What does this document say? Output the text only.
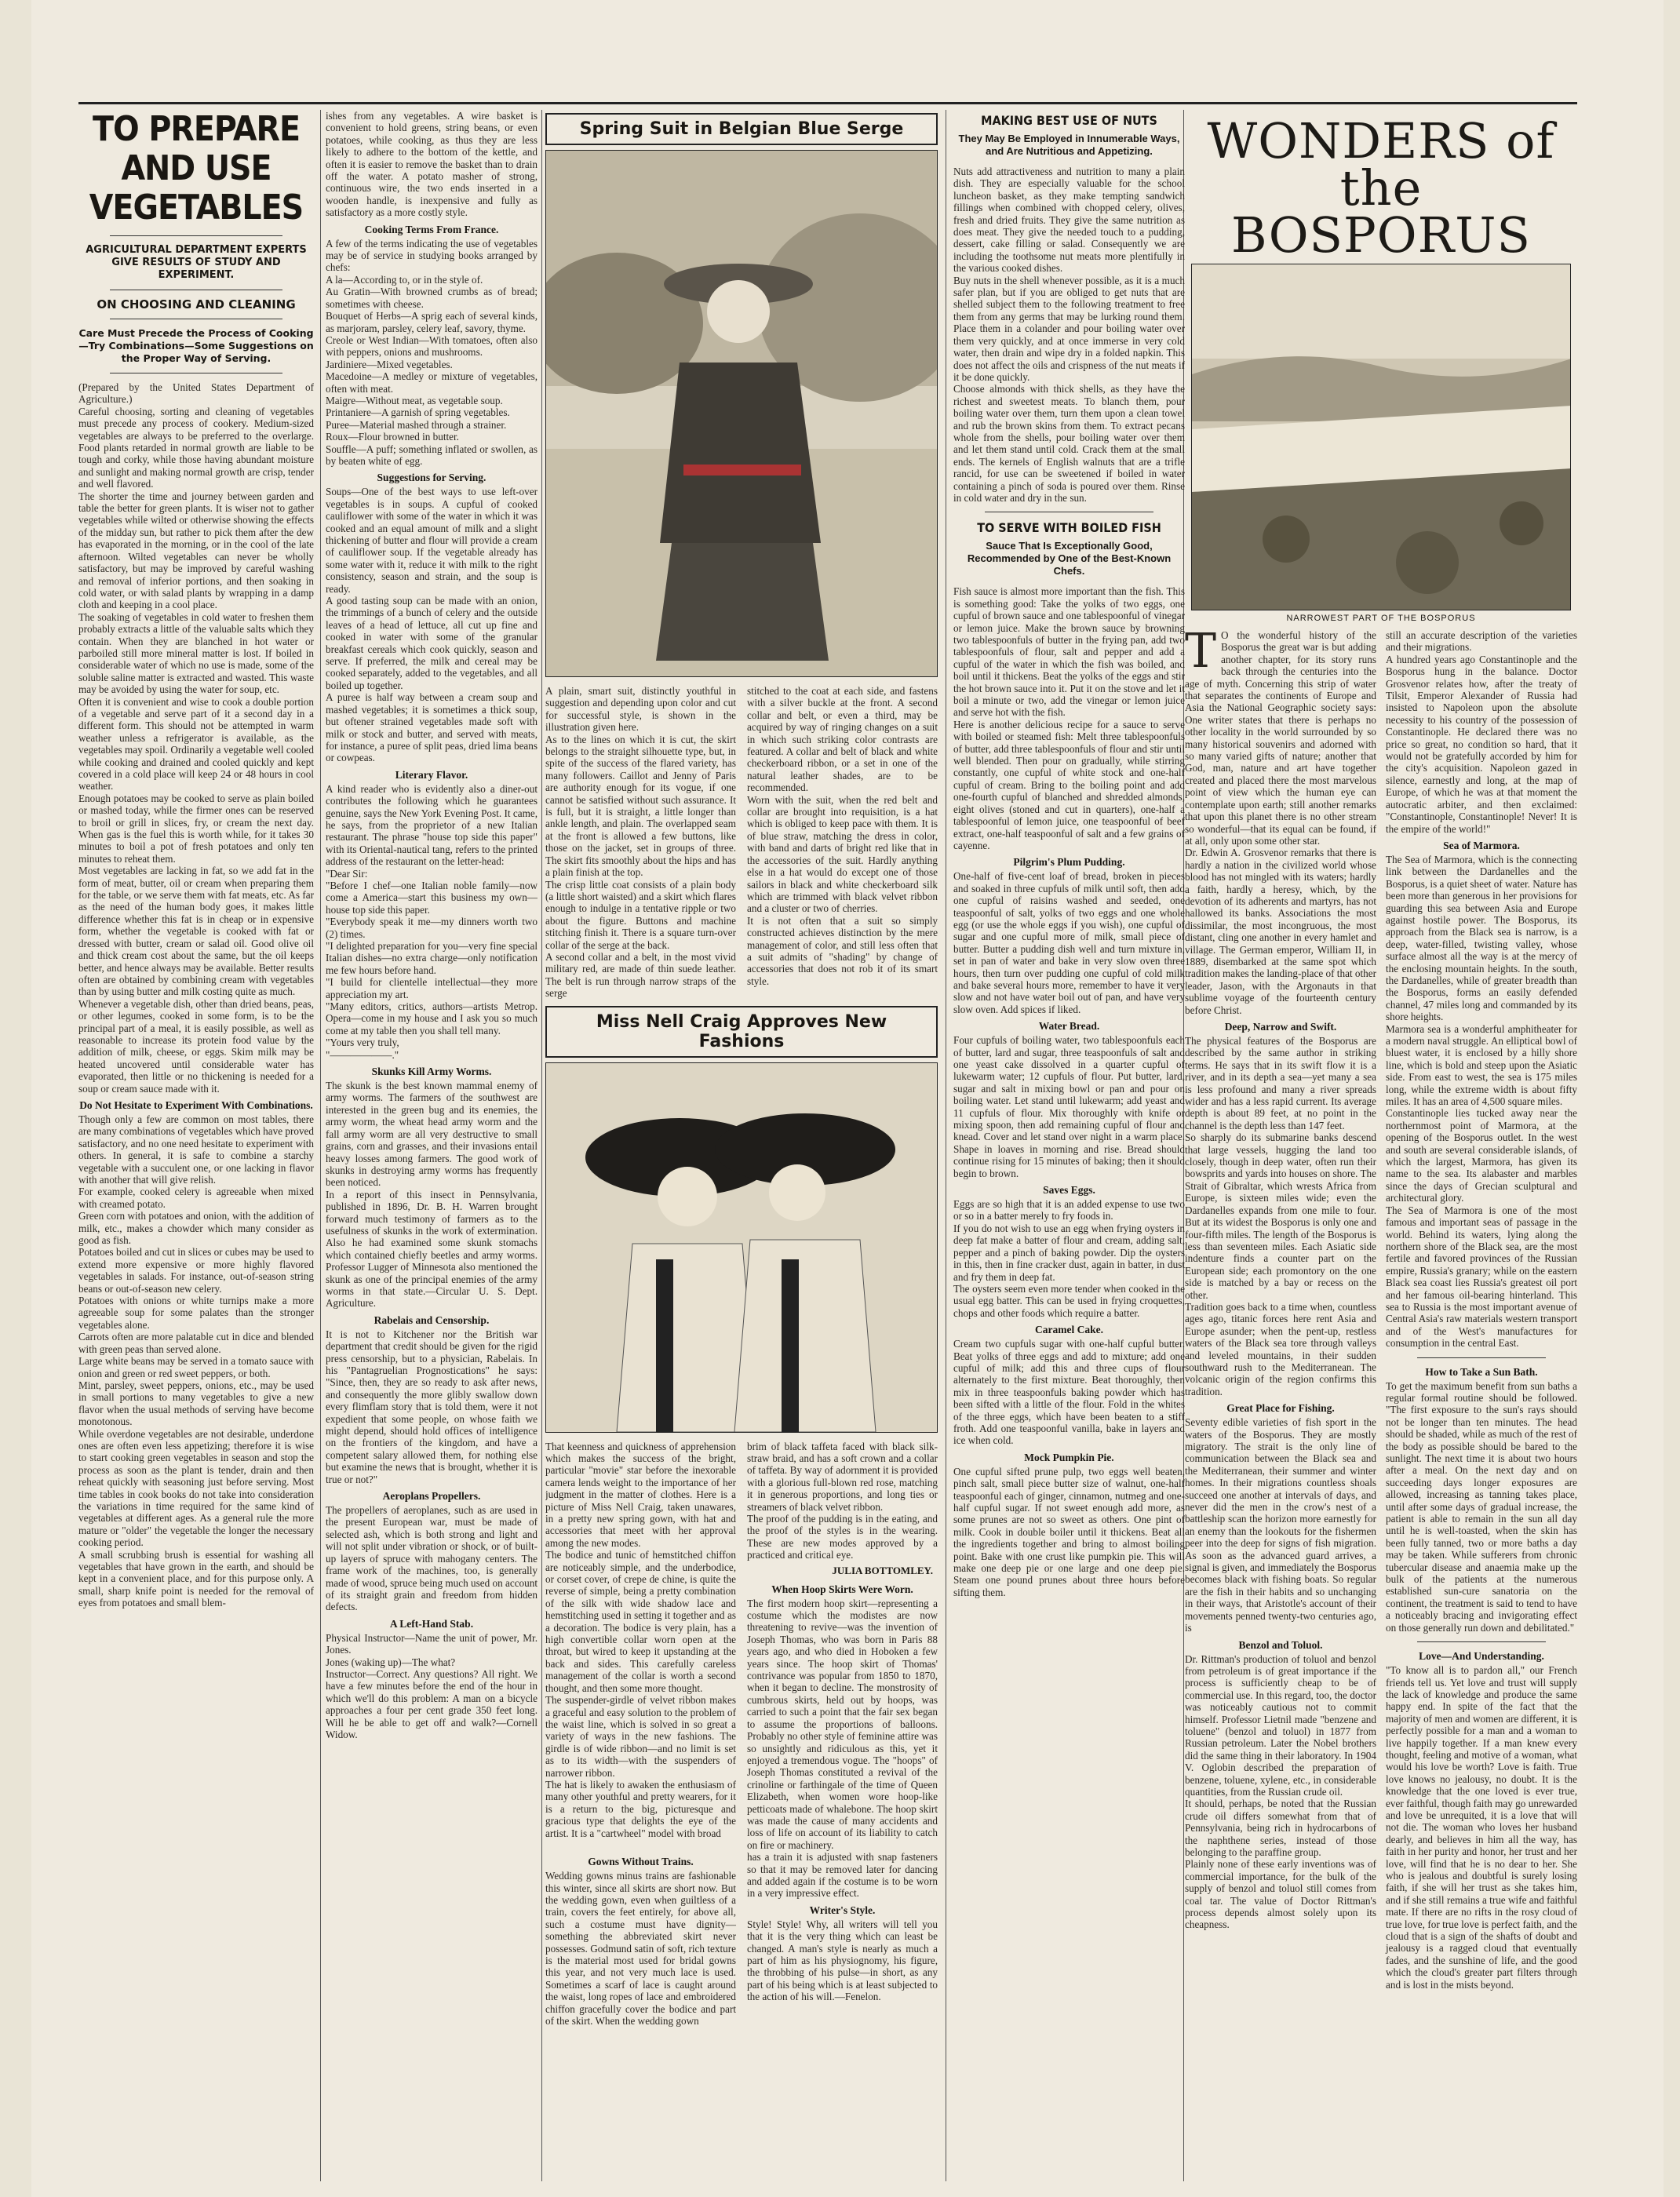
TO PREPARE AND USE VEGETABLES

AGRICULTURAL DEPARTMENT EXPERTS GIVE RESULTS OF STUDY AND EXPERIMENT.

ON CHOOSING AND CLEANING

Care Must Precede the Process of Cooking—Try Combinations—Some Suggestions on the Proper Way of Serving.

(Prepared by the United States Department of Agriculture.)
Careful choosing, sorting and cleaning of vegetables must precede any process of cookery. Medium-sized vegetables are always to be preferred to the overlarge. Food plants retarded in normal growth are liable to be tough and corky, while those having abundant moisture and sunlight and making normal growth are crisp, tender and well flavored.
The shorter the time and journey between garden and table the better for green plants. It is wiser not to gather vegetables while wilted or otherwise showing the effects of the midday sun, but rather to pick them after the dew has evaporated in the morning, or in the cool of the late afternoon. Wilted vegetables can never be wholly satisfactory, but may be improved by careful washing and removal of inferior portions, and then soaking in cold water, or with salad plants by wrapping in a damp cloth and keeping in a cool place.
The soaking of vegetables in cold water to freshen them probably extracts a little of the valuable salts which they contain. When they are blanched in hot water or parboiled still more mineral matter is lost. If boiled in considerable water of which no use is made, some of the soluble saline matter is extracted and wasted. This waste may be avoided by using the water for soup, etc.
Often it is convenient and wise to cook a double portion of a vegetable and serve part of it a second day in a different form. This should not be attempted in warm weather unless a refrigerator is available, as the vegetables may spoil. Ordinarily a vegetable well cooled while cooking and drained and cooled quickly and kept covered in a cold place will keep 24 or 48 hours in cool weather.
Enough potatoes may be cooked to serve as plain boiled or mashed today, while the firmer ones can be reserved to broil or grill in slices, fry, or cream the next day. When gas is the fuel this is worth while, for it takes 30 minutes to boil a pot of fresh potatoes and only ten minutes to reheat them.
Most vegetables are lacking in fat, so we add fat in the form of meat, butter, oil or cream when preparing them for the table, or we serve them with fat meats, etc. As far as the need of the human body goes, it makes little difference whether this fat is in cheap or in expensive form, whether the vegetable is cooked with fat or dressed with butter, cream or salad oil. Good olive oil and thick cream cost about the same, but the oil keeps better, and hence always may be available. Better results often are obtained by combining cream with vegetables than by using butter and milk costing quite as much.
Whenever a vegetable dish, other than dried beans, peas, or other legumes, cooked in some form, is to be the principal part of a meal, it is easily possible, as well as reasonable to increase its protein food value by the addition of milk, cheese, or eggs. Skim milk may be heated uncovered until considerable water has evaporated, then little or no thickening is needed for a soup or cream sauce made with it.

Do Not Hesitate to Experiment With Combinations.

Though only a few are common on most tables, there are many combinations of vegetables which have proved satisfactory, and no one need hesitate to experiment with others. In general, it is safe to combine a starchy vegetable with a succulent one, or one lacking in flavor with another that will give relish.
For example, cooked celery is agreeable when mixed with creamed potato.
Green corn with potatoes and onion, with the addition of milk, etc., makes a chowder which many consider as good as fish.
Potatoes boiled and cut in slices or cubes may be used to extend more expensive or more highly flavored vegetables in salads. For instance, out-of-season string beans or out-of-season new celery.
Potatoes with onions or white turnips make a more agreeable soup for some palates than the stronger vegetables alone.
Carrots often are more palatable cut in dice and blended with green peas than served alone.
Large white beans may be served in a tomato sauce with onion and green or red sweet peppers, or both.
Mint, parsley, sweet peppers, onions, etc., may be used in small portions to many vegetables to give a new flavor when the usual methods of serving have become monotonous.
While overdone vegetables are not desirable, underdone ones are often even less appetizing; therefore it is wise to start cooking green vegetables in season and stop the process as soon as the plant is tender, drain and then reheat quickly with seasoning just before serving. Most time tables in cook books do not take into consideration the variations in time required for the same kind of vegetables at different ages. As a general rule the more mature or "older" the vegetable the longer the necessary cooking period.
A small scrubbing brush is essential for washing all vegetables that have grown in the earth, and should be kept in a convenient place, and for this purpose only. A small, sharp knife point is needed for the removal of eyes from potatoes and small blem-

ishes from any vegetables. A wire basket is convenient to hold greens, string beans, or even potatoes, while cooking, as thus they are less likely to adhere to the bottom of the kettle, and often it is easier to remove the basket than to drain off the water. A potato masher of strong, continuous wire, the two ends inserted in a wooden handle, is inexpensive and fully as satisfactory as a more costly style.

Cooking Terms From France.

A few of the terms indicating the use of vegetables may be of service in studying books arranged by chefs:
A la—According to, or in the style of.
Au Gratin—With browned crumbs as of bread; sometimes with cheese.
Bouquet of Herbs—A sprig each of several kinds, as marjoram, parsley, celery leaf, savory, thyme.
Creole or West Indian—With tomatoes, often also with peppers, onions and mushrooms.
Jardiniere—Mixed vegetables.
Macedoine—A medley or mixture of vegetables, often with meat.
Maigre—Without meat, as vegetable soup.
Printaniere—A garnish of spring vegetables.
Puree—Material mashed through a strainer.
Roux—Flour browned in butter.
Souffle—A puff; something inflated or swollen, as by beaten white of egg.

Suggestions for Serving.

Soups—One of the best ways to use left-over vegetables is in soups. A cupful of cooked cauliflower with some of the water in which it was cooked and an equal amount of milk and a slight thickening of butter and flour will provide a cream of cauliflower soup. If the vegetable already has some water with it, reduce it with milk to the right consistency, season and strain, and the soup is ready.
A good tasting soup can be made with an onion, the trimmings of a bunch of celery and the outside leaves of a head of lettuce, all cut up fine and cooked in water with some of the granular breakfast cereals which cook quickly, season and serve. If preferred, the milk and cereal may be cooked separately, added to the vegetables, and all boiled up together.
A puree is half way between a cream soup and mashed vegetables; it is sometimes a thick soup, but oftener strained vegetables made soft with milk or stock and butter, and served with meats, for instance, a puree of split peas, dried lima beans or cowpeas.

Literary Flavor.

A kind reader who is evidently also a diner-out contributes the following which he guarantees genuine, says the New York Evening Post. It came, he says, from the proprietor of a new Italian restaurant. The phrase "house top side this paper" with its Oriental-nautical tang, refers to the printed address of the restaurant on the letter-head:
"Dear Sir:
"Before I chef—one Italian noble family—now come a America—start this business my own—house top side this paper.
"Everybody speak it me—my dinners worth two (2) times.
"I delighted preparation for you—very fine special Italian dishes—no extra charge—only notification me few hours before hand.
"I build for clientelle intellectual—they more appreciation my art.
"Many editors, critics, authors—artists Metrop. Opera—come in my house and I ask you so much come at my table then you shall tell many.
"Yours very truly,
"——————."

Skunks Kill Army Worms.

The skunk is the best known mammal enemy of army worms. The farmers of the southwest are interested in the green bug and its enemies, the army worm, the wheat head army worm and the fall army worm are all very destructive to small grains, corn and grasses, and their invasions entail heavy losses among farmers. The good work of skunks in destroying army worms has frequently been noticed.
In a report of this insect in Pennsylvania, published in 1896, Dr. B. H. Warren brought forward much testimony of farmers as to the usefulness of skunks in the work of extermination. Also he had examined some skunk stomachs which contained chiefly beetles and army worms. Professor Lugger of Minnesota also mentioned the skunk as one of the principal enemies of the army worms in that state.—Circular U. S. Dept. Agriculture.

Rabelais and Censorship.

It is not to Kitchener nor the British war department that credit should be given for the rigid press censorship, but to a physician, Rabelais. In his "Pantagruelian Prognostications" he says: "Since, then, they are so ready to ask after news, and consequently the more glibly swallow down every flimflam story that is told them, were it not expedient that some people, on whose faith we might depend, should hold offices of intelligence on the frontiers of the kingdom, and have a competent salary allowed them, for nothing else but examine the news that is brought, whether it is true or not?"

Aeroplans Propellers.

The propellers of aeroplanes, such as are used in the present European war, must be made of selected ash, which is both strong and light and will not split under vibration or shock, or of built-up layers of spruce with mahogany centers. The frame work of the machines, too, is generally made of wood, spruce being much used on account of its straight grain and freedom from hidden defects.

A Left-Hand Stab.

Physical Instructor—Name the unit of power, Mr. Jones.
Jones (waking up)—The what?
Instructor—Correct. Any questions? All right. We have a few minutes before the end of the hour in which we'll do this problem: A man on a bicycle approaches a four per cent grade 350 feet long. Will he be able to get off and walk?—Cornell Widow.

Spring Suit in Belgian Blue Serge

A plain, smart suit, distinctly youthful in suggestion and depending upon color and cut for successful style, is shown in the illustration given here.
As to the lines on which it is cut, the skirt belongs to the straight silhouette type, but, in spite of the success of the flared variety, has many followers. Caillot and Jenny of Paris are authority enough for its vogue, if one cannot be satisfied without such assurance. It is full, but it is straight, a little longer than ankle length, and plain. The overlapped seam at the front is allowed a few buttons, like those on the jacket, set in groups of three. The skirt fits smoothly about the hips and has a plain finish at the top.
The crisp little coat consists of a plain body (a little short waisted) and a skirt which flares enough to indulge in a tentative ripple or two about the figure. Buttons and machine stitching finish it. There is a square turn-over collar of the serge at the back.
A second collar and a belt, in the most vivid military red, are made of thin suede leather. The belt is run through narrow straps of the serge

stitched to the coat at each side, and fastens with a silver buckle at the front. A second collar and belt, or even a third, may be acquired by way of ringing changes on a suit in which such striking color contrasts are featured. A collar and belt of black and white checkerboard ribbon, or a set in one of the natural leather shades, are to be recommended.
Worn with the suit, when the red belt and collar are brought into requisition, is a hat which is obliged to keep pace with them. It is of blue straw, matching the dress in color, with band and darts of bright red like that in the accessories of the suit. Hardly anything else in a hat would do except one of those sailors in black and white checkerboard silk which are trimmed with black velvet ribbon and a cluster or two of cherries.
It is not often that a suit so simply constructed achieves distinction by the mere management of color, and still less often that a suit admits of "shading" by change of accessories that does not rob it of its smart style.

Miss Nell Craig Approves New Fashions

That keenness and quickness of apprehension which makes the success of the bright, particular "movie" star before the inexorable camera lends weight to the importance of her judgment in the matter of clothes. Here is a picture of Miss Nell Craig, taken unawares, in a pretty new spring gown, with hat and accessories that meet with her approval among the new modes.
The bodice and tunic of hemstitched chiffon are noticeably simple, and the underbodice, or corset cover, of crepe de chine, is quite the reverse of simple, being a pretty combination of the silk with wide shadow lace and hemstitching used in setting it together and as a decoration. The bodice is very plain, has a high convertible collar worn open at the throat, but wired to keep it upstanding at the back and sides. This carefully careless management of the collar is worth a second thought, and then some more thought.
The suspender-girdle of velvet ribbon makes a graceful and easy solution to the problem of the waist line, which is solved in so great a variety of ways in the new fashions. The girdle is of wide ribbon—and no limit is set as to its width—with the suspenders of narrower ribbon.
The hat is likely to awaken the enthusiasm of many other youthful and pretty wearers, for it is a return to the big, picturesque and gracious type that delights the eye of the artist. It is a "cartwheel" model with broad

brim of black taffeta faced with black silk-straw braid, and has a soft crown and a collar of taffeta. By way of adornment it is provided with a glorious full-blown red rose, matching it in generous proportions, and long ties or streamers of black velvet ribbon.
The proof of the pudding is in the eating, and the proof of the styles is in the wearing. These are new modes approved by a practiced and critical eye.

JULIA BOTTOMLEY.

When Hoop Skirts Were Worn.

The first modern hoop skirt—representing a costume which the modistes are now threatening to revive—was the invention of Joseph Thomas, who was born in Paris 88 years ago, and who died in Hoboken a few years since. The hoop skirt of Thomas' contrivance was popular from 1850 to 1870, when it began to decline. The monstrosity of cumbrous skirts, held out by hoops, was carried to such a point that the fair sex began to assume the proportions of balloons. Probably no other style of feminine attire was so unsightly and ridiculous as this, yet it enjoyed a tremendous vogue. The "hoops" of Joseph Thomas constituted a revival of the crinoline or farthingale of the time of Queen Elizabeth, when women wore hoop-like petticoats made of whalebone. The hoop skirt was made the cause of many accidents and loss of life on account of its liability to catch on fire or machinery.

Gowns Without Trains.

Wedding gowns minus trains are fashionable this winter, since all skirts are short now. But the wedding gown, even when guiltless of a train, covers the feet entirely, for above all, such a costume must have dignity—something the abbreviated skirt never possesses. Godmund satin of soft, rich texture is the material most used for bridal gowns this year, and not very much lace is used. Sometimes a scarf of lace is caught around the waist, long ropes of lace and embroidered chiffon gracefully cover the bodice and part of the skirt. When the wedding gown

has a train it is adjusted with snap fasteners so that it may be removed later for dancing and added again if the costume is to be worn in a very impressive effect.

Writer's Style.

Style! Style! Why, all writers will tell you that it is the very thing which can least be changed. A man's style is nearly as much a part of him as his physiognomy, his figure, the throbbing of his pulse—in short, as any part of his being which is at least subjected to the action of his will.—Fenelon.

MAKING BEST USE OF NUTS

They May Be Employed in Innumerable Ways, and Are Nutritious and Appetizing.

Nuts add attractiveness and nutrition to many a plain dish. They are especially valuable for the school luncheon basket, as they make tempting sandwich fillings when combined with chopped celery, olives, fresh and dried fruits. They give the same nutrition as does meat. They give the needed touch to a pudding, dessert, cake filling or salad. Consequently we are including the toothsome nut meats more plentifully in the various cooked dishes.
Buy nuts in the shell whenever possible, as it is a much safer plan, but if you are obliged to get nuts that are shelled subject them to the following treatment to free them from any germs that may be lurking round them. Place them in a colander and pour boiling water over them very quickly, and at once immerse in very cold water, then drain and wipe dry in a folded napkin. This does not affect the oils and crispness of the nut meats if it be done quickly.
Choose almonds with thick shells, as they have the richest and sweetest meats. To blanch them, pour boiling water over them, turn them upon a clean towel and rub the brown skins from them. To extract pecans whole from the shells, pour boiling water over them and let them stand until cold. Crack them at the small ends. The kernels of English walnuts that are a trifle rancid, for use can be sweetened if boiled in water containing a pinch of soda is poured over them. Rinse in cold water and dry in the sun.

TO SERVE WITH BOILED FISH

Sauce That Is Exceptionally Good, Recommended by One of the Best-Known Chefs.

Fish sauce is almost more important than the fish. This is something good: Take the yolks of two eggs, one cupful of brown sauce and one tablespoonful of vinegar or lemon juice. Make the brown sauce by browning two tablespoonfuls of butter in the frying pan, add two tablespoonfuls of flour, salt and pepper and add a cupful of the water in which the fish was boiled, and boil until it thickens. Beat the yolks of the eggs and stir the hot brown sauce into it. Put it on the stove and let it boil a minute or two, add the vinegar or lemon juice and serve hot with the fish.
Here is another delicious recipe for a sauce to serve with boiled or steamed fish: Melt three tablespoonfuls of butter, add three tablespoonfuls of flour and stir until well blended. Then pour on gradually, while stirring constantly, one cupful of white stock and one-half cupful of cream. Bring to the boiling point and add one-fourth cupful of blanched and shredded almonds, eight olives (stoned and cut in quarters), one-half a tablespoonful of lemon juice, one teaspoonful of beef extract, one-half teaspoonful of salt and a few grains of cayenne.

Pilgrim's Plum Pudding.

One-half of five-cent loaf of bread, broken in pieces and soaked in three cupfuls of milk until soft, then add one cupful of raisins washed and seeded, one teaspoonful of salt, yolks of two eggs and one whole egg (or use the whole eggs if you wish), one cupful of sugar and one cupful more of milk, small piece of butter. Butter a pudding dish well and turn mixture in, set in pan of water and bake in very slow oven three hours, then turn over pudding one cupful of cold milk and bake several hours more, remember to have it very slow and not have water boil out of pan, and have very slow oven. Add spices if liked.

Water Bread.

Four cupfuls of boiling water, two tablespoonfuls each of butter, lard and sugar, three teaspoonfuls of salt and one yeast cake dissolved in a quarter cupful of lukewarm water; 12 cupfuls of flour. Put butter, lard, sugar and salt in mixing bowl or pan and pour on boiling water. Let stand until lukewarm; add yeast and 11 cupfuls of flour. Mix thoroughly with knife or mixing spoon, then add remaining cupful of flour and knead. Cover and let stand over night in a warm place. Shape in loaves in morning and rise. Bread should continue rising for 15 minutes of baking; then it should begin to brown.

Saves Eggs.

Eggs are so high that it is an added expense to use two or so in a batter merely to fry foods in.
If you do not wish to use an egg when frying oysters in deep fat make a batter of flour and cream, adding salt, pepper and a pinch of baking powder. Dip the oysters in this, then in fine cracker dust, again in batter, in dust and fry them in deep fat.
The oysters seem even more tender when cooked in the usual egg batter. This can be used in frying croquettes, chops and other foods which require a batter.

Caramel Cake.

Cream two cupfuls sugar with one-half cupful butter. Beat yolks of three eggs and add to mixture; add one cupful of milk; add this and three cups of flour alternately to the first mixture. Beat thoroughly, then mix in three teaspoonfuls baking powder which has been sifted with a little of the flour. Fold in the whites of the three eggs, which have been beaten to a stiff froth. Add one teaspoonful vanilla, bake in layers and ice when cold.

Mock Pumpkin Pie.

One cupful sifted prune pulp, two eggs well beaten, pinch salt, small piece butter size of walnut, one-half teaspoonful each of ginger, cinnamon, nutmeg and one-half cupful sugar. If not sweet enough add more, as some prunes are not so sweet as others. One pint of milk. Cook in double boiler until it thickens. Beat all the ingredients together and bring to almost boiling point. Bake with one crust like pumpkin pie. This will make one deep pie or one large and one deep pie. Steam one pound prunes about three hours before sifting them.

WONDERS of the
BOSPORUS

NARROWEST PART OF THE BOSPORUS

T O the wonderful history of the Bosporus the great war is but adding another chapter, for its story runs back through the centuries into the age of myth. Concerning this strip of water that separates the continents of Europe and Asia the National Geographic society says: One writer states that there is perhaps no other locality in the world surrounded by so many historical souvenirs and adorned with so many varied gifts of nature; another that God, man, nature and art have together created and placed there the most marvelous point of view which the human eye can contemplate upon earth; still another remarks that upon this planet there is no other stream so wonderful—that its equal can be found, if at all, only upon some other star.
Dr. Edwin A. Grosvenor remarks that there is hardly a nation in the civilized world whose blood has not mingled with its waters; hardly a faith, hardly a heresy, which, by the devotion of its adherents and martyrs, has not hallowed its banks. Associations the most dissimilar, the most incongruous, the most distant, cling one another in every hamlet and village. The German emperor, William II, in 1889, disembarked at the same spot which tradition makes the landing-place of that other leader, Jason, with the Argonauts in that sublime voyage of the fourteenth century before Christ.

Deep, Narrow and Swift.

The physical features of the Bosporus are described by the same author in striking terms. He says that in its swift flow it is a river, and in its depth a sea—yet many a sea is less profound and many a river spreads wider and has a less rapid current. Its average depth is about 89 feet, at no point in the channel is the depth less than 147 feet.
So sharply do its submarine banks descend that large vessels, hugging the land too closely, though in deep water, often run their bowsprits and yards into houses on shore. The Strait of Gibraltar, which wrests Africa from Europe, is sixteen miles wide; even the Dardanelles expands from one mile to four. But at its widest the Bosporus is only one and four-fifth miles. The length of the Bosporus is less than seventeen miles. Each Asiatic side indenture finds a counter part on the European side; each promontory on the one side is matched by a bay or recess on the other.
Tradition goes back to a time when, countless ages ago, titanic forces here rent Asia and Europe asunder; when the pent-up, restless waters of the Black sea tore through valleys and leveled mountains, in their sudden southward rush to the Mediterranean. The volcanic origin of the region confirms this tradition.

Great Place for Fishing.

Seventy edible varieties of fish sport in the waters of the Bosporus. They are mostly migratory. The strait is the only line of communication between the Black sea and the Mediterranean, their summer and winter homes. In their migrations countless shoals succeed one another at intervals of days, and never did the men in the crow's nest of a battleship scan the horizon more earnestly for an enemy than the lookouts for the fishermen peer into the deep for signs of fish migration. As soon as the advanced guard arrives, a signal is given, and immediately the Bosporus becomes black with fishing boats. So regular are the fish in their habits and so unchanging in their ways, that Aristotle's account of their movements penned twenty-two centuries ago, is

Benzol and Toluol.

Dr. Rittman's production of toluol and benzol from petroleum is of great importance if the process is sufficiently cheap to be of commercial use. In this regard, too, the doctor was noticeably cautious not to commit himself. Professor Lietnil made "benzene and toluene" (benzol and toluol) in 1877 from Russian petroleum. Later the Nobel brothers did the same thing in their laboratory. In 1904 V. Oglobin described the preparation of benzene, toluene, xylene, etc., in considerable quantities, from the Russian crude oil.
It should, perhaps, be noted that the Russian crude oil differs somewhat from that of Pennsylvania, being rich in hydrocarbons of the naphthene series, instead of those belonging to the paraffine group.
Plainly none of these early inventions was of commercial importance, for the bulk of the supply of benzol and toluol still comes from coal tar. The value of Doctor Rittman's process depends almost solely upon its cheapness.

still an accurate description of the varieties and their migrations.
A hundred years ago Constantinople and the Bosporus hung in the balance. Doctor Grosvenor relates how, after the treaty of Tilsit, Emperor Alexander of Russia had insisted to Napoleon upon the absolute necessity to his country of the possession of Constantinople. He declared there was no price so great, no condition so hard, that it would not be gratefully accorded by him for the city's acquisition. Napoleon gazed in silence, earnestly and long, at the map of Europe, of which he was at that moment the autocratic arbiter, and then exclaimed: "Constantinople, Constantinople! Never! It is the empire of the world!"

Sea of Marmora.

The Sea of Marmora, which is the connecting link between the Dardanelles and the Bosporus, is a quiet sheet of water. Nature has been more than generous in her provisions for guarding this sea between Asia and Europe against hostile power. The Bosporus, its approach from the Black sea is narrow, is a deep, water-filled, twisting valley, whose surface almost all the way is at the mercy of the enclosing mountain heights. In the south, the Dardanelles, while of greater breadth than the Bosporus, forms an easily defended channel, 47 miles long and commanded by its shore heights.
Marmora sea is a wonderful amphitheater for a modern naval struggle. An elliptical bowl of bluest water, it is enclosed by a hilly shore line, which is bold and steep upon the Asiatic side. From east to west, the sea is 175 miles long, while the extreme width is about fifty miles. It has an area of 4,500 square miles.
Constantinople lies tucked away near the northernmost point of Marmora, at the opening of the Bosporus outlet. In the west and south are several considerable islands, of which the largest, Marmora, has given its name to the sea. Its alabaster and marbles since the days of Grecian sculptural and architectural glory.
The Sea of Marmora is one of the most famous and important seas of passage in the world. Behind its waters, lying along the northern shore of the Black sea, are the most fertile and favored provinces of the Russian empire, Russia's granary; while on the eastern Black sea coast lies Russia's greatest oil port and her famous oil-bearing hinterland. This sea to Russia is the most important avenue of Central Asia's raw materials western transport and of the West's manufactures for consumption in the central East.

How to Take a Sun Bath.

To get the maximum benefit from sun baths a regular formal routine should be followed. "The first exposure to the sun's rays should not be longer than ten minutes. The head should be shaded, while as much of the rest of the body as possible should be bared to the sunlight. The next time it is about two hours after a meal. On the next day and on succeeding days longer exposures are allowed, increasing as tanning takes place, until after some days of gradual increase, the patient is able to remain in the sun all day until he is well-toasted, when the skin has been fully tanned, two or more baths a day may be taken. While sufferers from chronic tubercular disease and anaemia make up the bulk of the patients at the numerous established sun-cure sanatoria on the continent, the treatment is said to tend to have a noticeably bracing and invigorating effect on those generally run down and debilitated."

Love—And Understanding.

"To know all is to pardon all," our French friends tell us. Yet love and trust will supply the lack of knowledge and produce the same happy end. In spite of the fact that the majority of men and women are different, it is perfectly possible for a man and a woman to live happily together. If a man knew every thought, feeling and motive of a woman, what would his love be worth? Love is faith. True love knows no jealousy, no doubt. It is the knowledge that the one loved is ever true, ever faithful, though faith may go unrewarded and love be unrequited, it is a love that will not die. The woman who loves her husband dearly, and believes in him all the way, has faith in her purity and honor, her trust and her love, will find that he is no dear to her. She who is jealous and doubtful is surely losing faith, if she will her trust as she takes him, and if she still remains a true wife and faithful mate. If there are no rifts in the rosy cloud of true love, for true love is perfect faith, and the cloud that is a sign of the shafts of doubt and jealousy is a ragged cloud that eventually fades, and the sunshine of life, and the good which the cloud's greater part filters through and is lost in the mists beyond.
